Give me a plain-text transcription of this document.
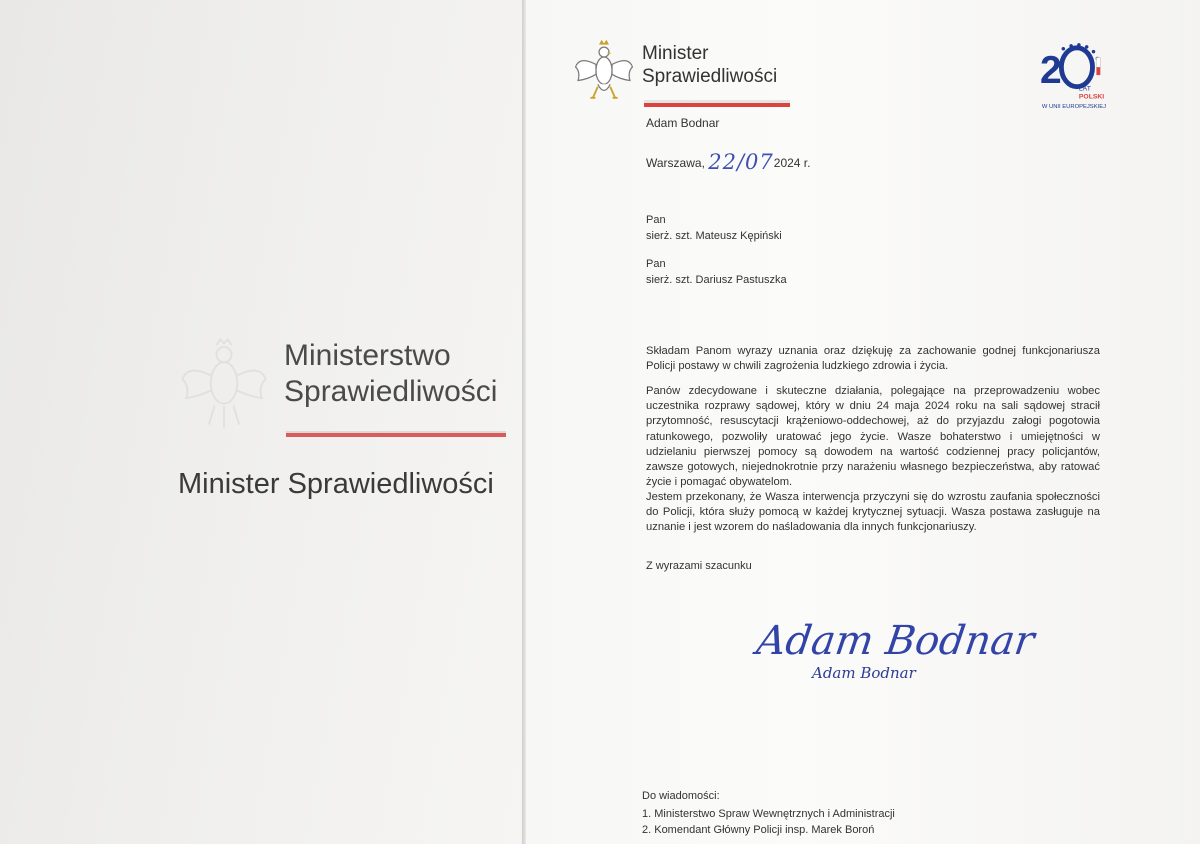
Ministerstwo
Sprawiedliwości
Minister Sprawiedliwości
Minister
Sprawiedliwości
Adam Bodnar
Warszawa, 22/072024 r.
2 LAT
POLSKI
W UNII EUROPEJSKIEJ
Pan
sierż. szt. Mateusz Kępiński
Pan
sierż. szt. Dariusz Pastuszka

Składam Panom wyrazy uznania oraz dziękuję za zachowanie godnej funkcjonariusza Policji postawy w chwili zagrożenia ludzkiego zdrowia i życia.

Panów zdecydowane i skuteczne działania, polegające na przeprowadzeniu wobec uczestnika rozprawy sądowej, który w dniu 24 maja 2024 roku na sali sądowej stracił przytomność, resuscytacji krążeniowo-oddechowej, aż do przyjazdu załogi pogotowia ratunkowego, pozwoliły uratować jego życie. Wasze bohaterstwo i umiejętności w udzielaniu pierwszej pomocy są dowodem na wartość codziennej pracy policjantów, zawsze gotowych, niejednokrotnie przy narażeniu własnego bezpieczeństwa, aby ratować życie i pomagać obywatelom.

Jestem przekonany, że Wasza interwencja przyczyni się do wzrostu zaufania społeczności do Policji, która służy pomocą w każdej krytycznej sytuacji. Wasza postawa zasługuje na uznanie i jest wzorem do naśladowania dla innych funkcjonariuszy.

Z wyrazami szacunku
Adam Bodnar
Adam Bodnar
Do wiadomości:
1. Ministerstwo Spraw Wewnętrznych i Administracji
2. Komendant Główny Policji insp. Marek Boroń
